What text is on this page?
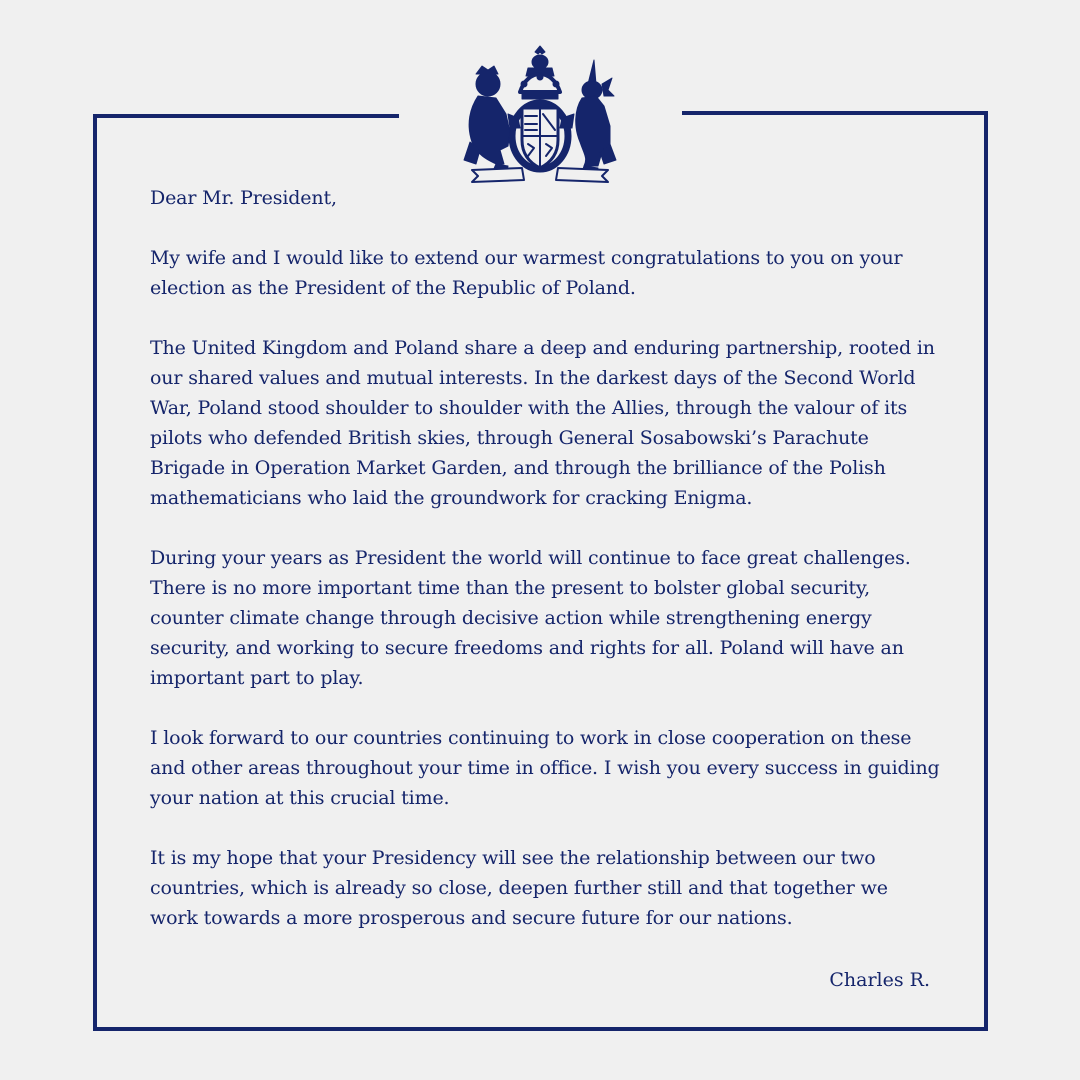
Dear Mr. President,

My wife and I would like to extend our warmest congratulations to you on your election as the President of the Republic of Poland.

The United Kingdom and Poland share a deep and enduring partnership, rooted in our shared values and mutual interests. In the darkest days of the Second World War, Poland stood shoulder to shoulder with the Allies, through the valour of its pilots who defended British skies, through General Sosabowski’s Parachute Brigade in Operation Market Garden, and through the brilliance of the Polish mathematicians who laid the groundwork for cracking Enigma.

During your years as President the world will continue to face great challenges. There is no more important time than the present to bolster global security, counter climate change through decisive action while strengthening energy security, and working to secure freedoms and rights for all. Poland will have an important part to play.

I look forward to our countries continuing to work in close cooperation on these and other areas throughout your time in office. I wish you every success in guiding your nation at this crucial time.

It is my hope that your Presidency will see the relationship between our two countries, which is already so close, deepen further still and that together we work towards a more prosperous and secure future for our nations.

Charles R.
